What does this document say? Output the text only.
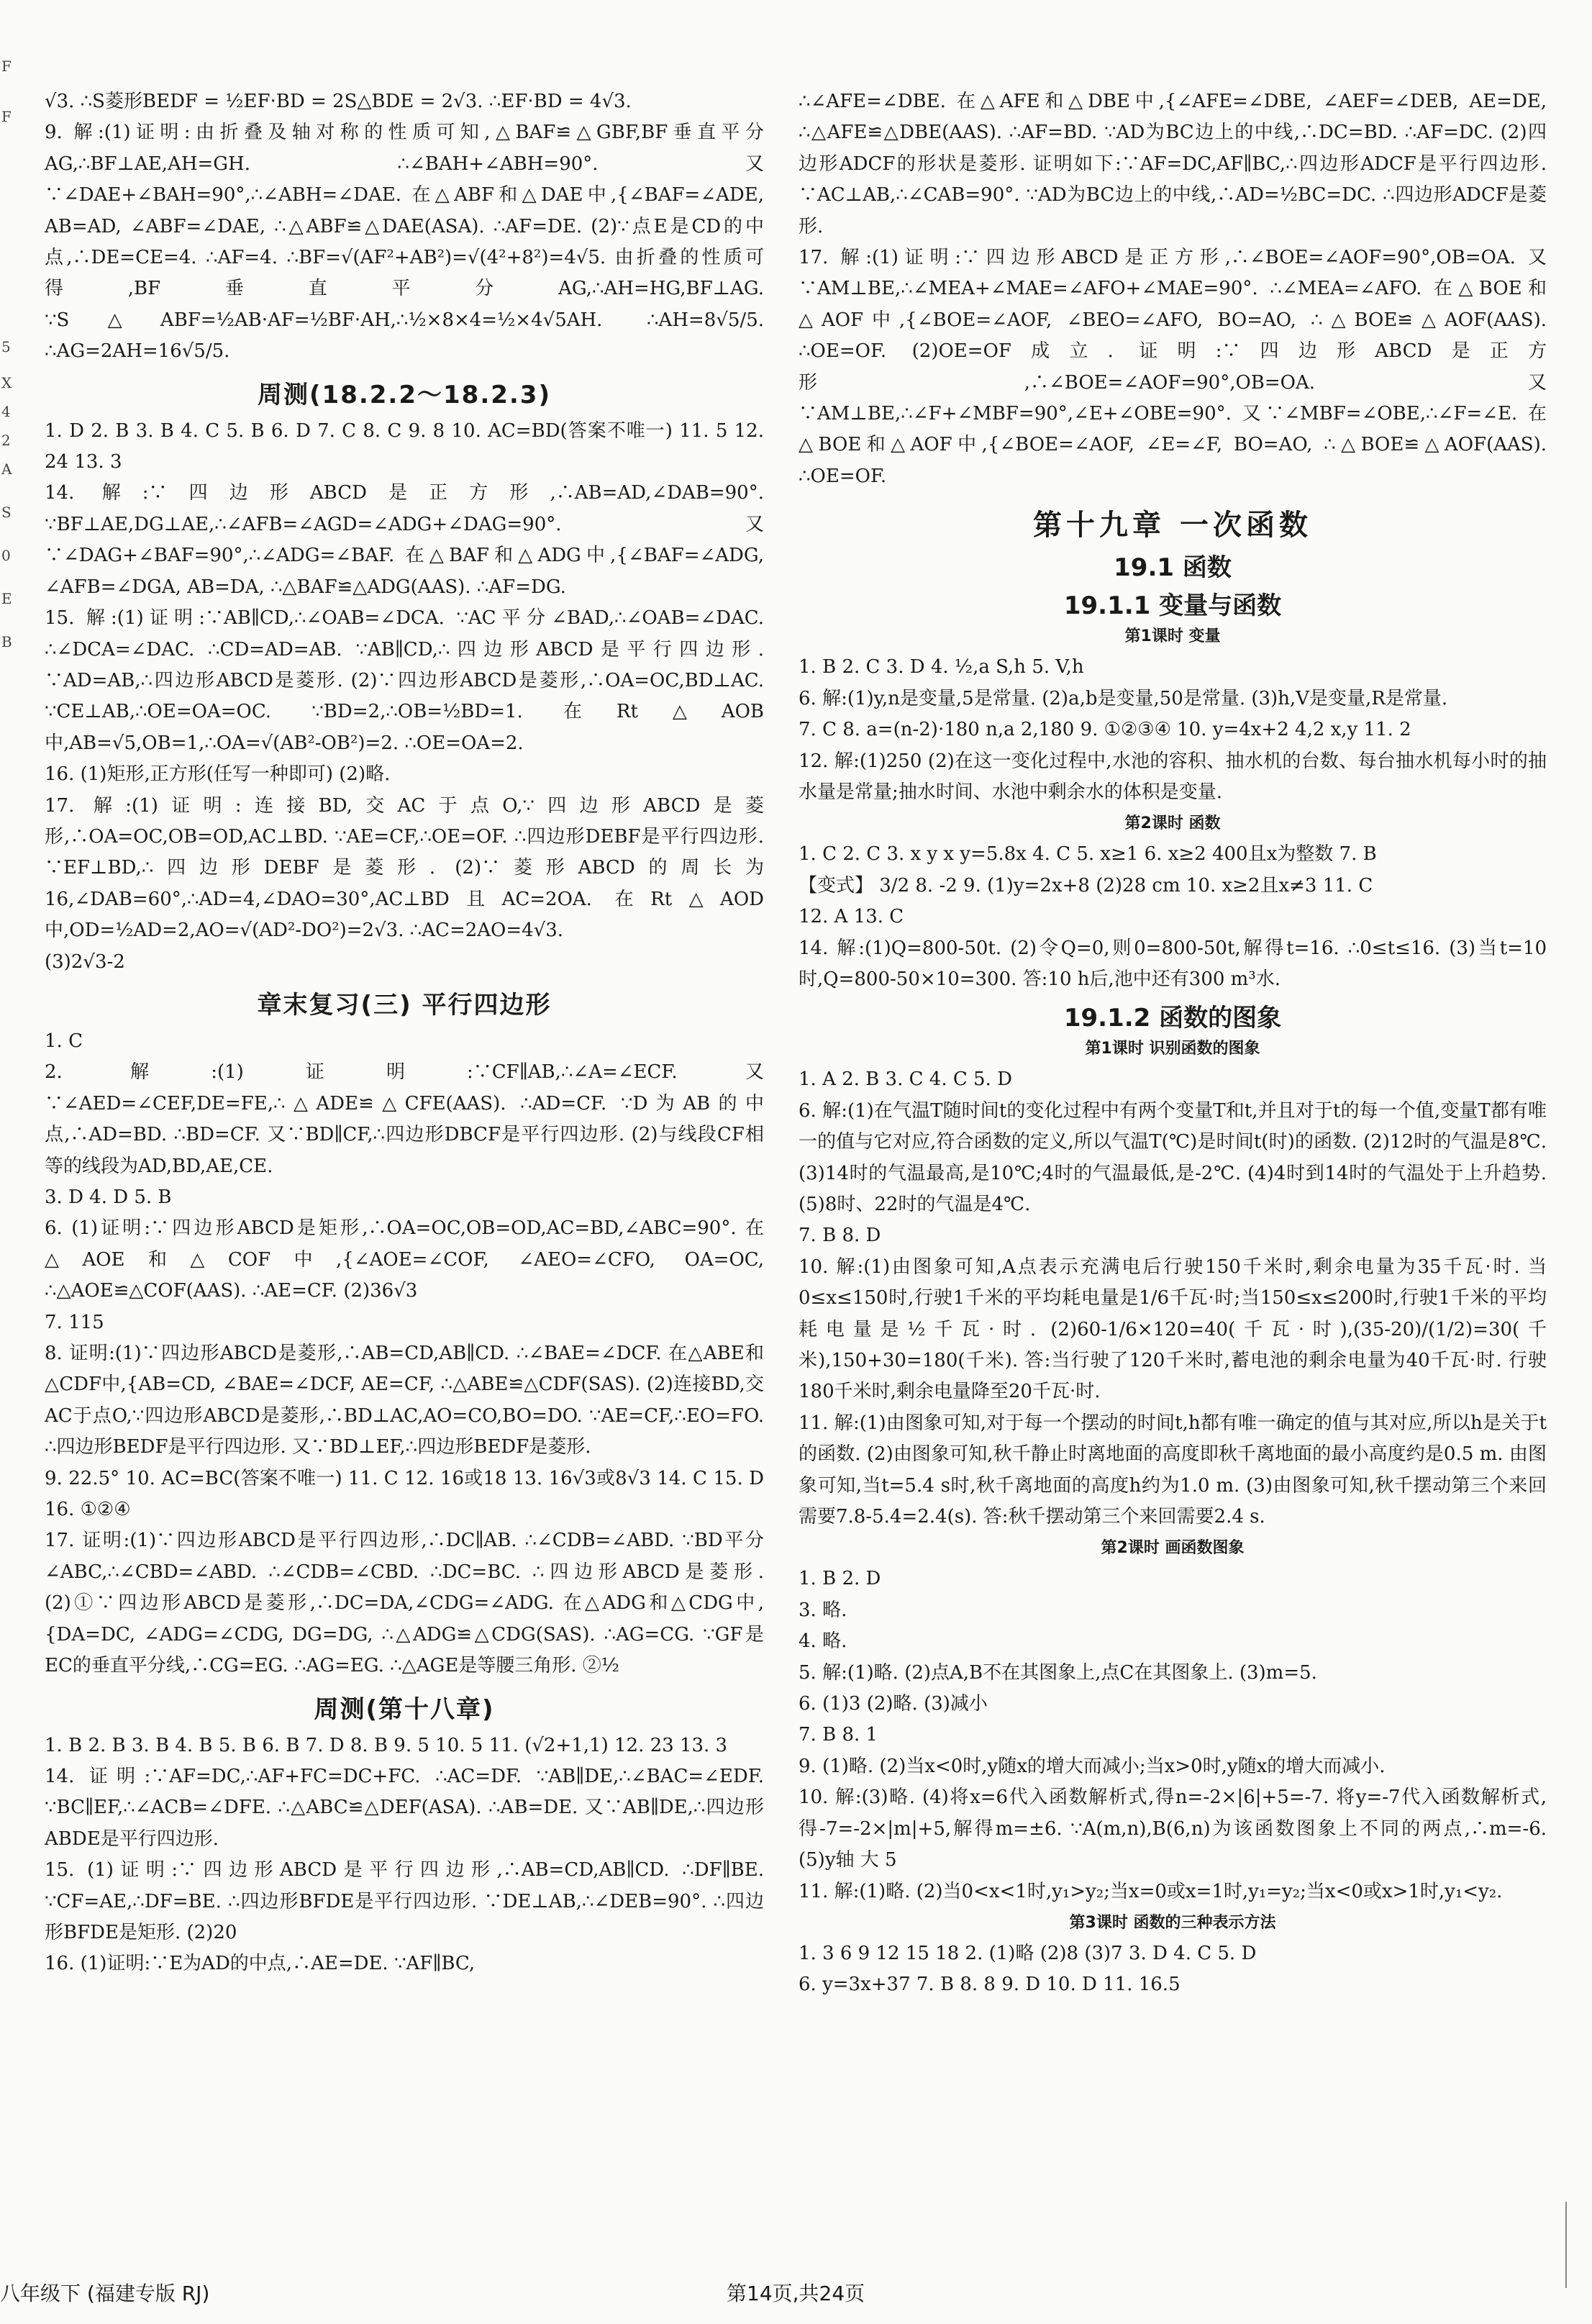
F
F
5
X
4
2
A
S
0
E
B
√3. ∴S菱形BEDF = ½EF·BD = 2S△BDE = 2√3. ∴EF·BD = 4√3.
9. 解:(1)证明:由折叠及轴对称的性质可知,△BAF≌△GBF,BF垂直平分AG,∴BF⊥AE,AH=GH. ∴∠BAH+∠ABH=90°. 又∵∠DAE+∠BAH=90°,∴∠ABH=∠DAE. 在△ABF和△DAE中,{∠BAF=∠ADE, AB=AD, ∠ABF=∠DAE, ∴△ABF≌△DAE(ASA). ∴AF=DE. (2)∵点E是CD的中点,∴DE=CE=4. ∴AF=4. ∴BF=√(AF²+AB²)=√(4²+8²)=4√5. 由折叠的性质可得,BF垂直平分AG,∴AH=HG,BF⊥AG. ∵S△ABF=½AB·AF=½BF·AH,∴½×8×4=½×4√5AH. ∴AH=8√5/5. ∴AG=2AH=16√5/5.
周测(18.2.2～18.2.3)
1. D 2. B 3. B 4. C 5. B 6. D 7. C 8. C 9. 8 10. AC=BD(答案不唯一) 11. 5 12. 24 13. 3
14. 解:∵四边形ABCD是正方形,∴AB=AD,∠DAB=90°. ∵BF⊥AE,DG⊥AE,∴∠AFB=∠AGD=∠ADG+∠DAG=90°. 又∵∠DAG+∠BAF=90°,∴∠ADG=∠BAF. 在△BAF和△ADG中,{∠BAF=∠ADG, ∠AFB=∠DGA, AB=DA, ∴△BAF≌△ADG(AAS). ∴AF=DG.
15. 解:(1)证明:∵AB∥CD,∴∠OAB=∠DCA. ∵AC平分∠BAD,∴∠OAB=∠DAC. ∴∠DCA=∠DAC. ∴CD=AD=AB. ∵AB∥CD,∴四边形ABCD是平行四边形. ∵AD=AB,∴四边形ABCD是菱形. (2)∵四边形ABCD是菱形,∴OA=OC,BD⊥AC. ∵CE⊥AB,∴OE=OA=OC. ∵BD=2,∴OB=½BD=1. 在Rt△AOB中,AB=√5,OB=1,∴OA=√(AB²-OB²)=2. ∴OE=OA=2.
16. (1)矩形,正方形(任写一种即可) (2)略.
17. 解:(1)证明:连接BD,交AC于点O,∵四边形ABCD是菱形,∴OA=OC,OB=OD,AC⊥BD. ∵AE=CF,∴OE=OF. ∴四边形DEBF是平行四边形. ∵EF⊥BD,∴四边形DEBF是菱形. (2)∵菱形ABCD的周长为16,∠DAB=60°,∴AD=4,∠DAO=30°,AC⊥BD且AC=2OA. 在Rt△AOD中,OD=½AD=2,AO=√(AD²-DO²)=2√3. ∴AC=2AO=4√3.
(3)2√3-2
章末复习(三) 平行四边形
1. C
2. 解:(1)证明:∵CF∥AB,∴∠A=∠ECF. 又∵∠AED=∠CEF,DE=FE,∴△ADE≌△CFE(AAS). ∴AD=CF. ∵D为AB的中点,∴AD=BD. ∴BD=CF. 又∵BD∥CF,∴四边形DBCF是平行四边形. (2)与线段CF相等的线段为AD,BD,AE,CE.
3. D 4. D 5. B
6. (1)证明:∵四边形ABCD是矩形,∴OA=OC,OB=OD,AC=BD,∠ABC=90°. 在△AOE和△COF中,{∠AOE=∠COF, ∠AEO=∠CFO, OA=OC, ∴△AOE≌△COF(AAS). ∴AE=CF. (2)36√3
7. 115
8. 证明:(1)∵四边形ABCD是菱形,∴AB=CD,AB∥CD. ∴∠BAE=∠DCF. 在△ABE和△CDF中,{AB=CD, ∠BAE=∠DCF, AE=CF, ∴△ABE≌△CDF(SAS). (2)连接BD,交AC于点O,∵四边形ABCD是菱形,∴BD⊥AC,AO=CO,BO=DO. ∵AE=CF,∴EO=FO. ∴四边形BEDF是平行四边形. 又∵BD⊥EF,∴四边形BEDF是菱形.
9. 22.5° 10. AC=BC(答案不唯一) 11. C 12. 16或18 13. 16√3或8√3 14. C 15. D 16. ①②④
17. 证明:(1)∵四边形ABCD是平行四边形,∴DC∥AB. ∴∠CDB=∠ABD. ∵BD平分∠ABC,∴∠CBD=∠ABD. ∴∠CDB=∠CBD. ∴DC=BC. ∴四边形ABCD是菱形. (2)①∵四边形ABCD是菱形,∴DC=DA,∠CDG=∠ADG. 在△ADG和△CDG中,{DA=DC, ∠ADG=∠CDG, DG=DG, ∴△ADG≌△CDG(SAS). ∴AG=CG. ∵GF是EC的垂直平分线,∴CG=EG. ∴AG=EG. ∴△AGE是等腰三角形. ②½
周测(第十八章)
1. B 2. B 3. B 4. B 5. B 6. B 7. D 8. B 9. 5 10. 5 11. (√2+1,1) 12. 23 13. 3
14. 证明:∵AF=DC,∴AF+FC=DC+FC. ∴AC=DF. ∵AB∥DE,∴∠BAC=∠EDF. ∵BC∥EF,∴∠ACB=∠DFE. ∴△ABC≌△DEF(ASA). ∴AB=DE. 又∵AB∥DE,∴四边形ABDE是平行四边形.
15. (1)证明:∵四边形ABCD是平行四边形,∴AB=CD,AB∥CD. ∴DF∥BE. ∵CF=AE,∴DF=BE. ∴四边形BFDE是平行四边形. ∵DE⊥AB,∴∠DEB=90°. ∴四边形BFDE是矩形. (2)20
16. (1)证明:∵E为AD的中点,∴AE=DE. ∵AF∥BC,
∴∠AFE=∠DBE. 在△AFE和△DBE中,{∠AFE=∠DBE, ∠AEF=∠DEB, AE=DE, ∴△AFE≌△DBE(AAS). ∴AF=BD. ∵AD为BC边上的中线,∴DC=BD. ∴AF=DC. (2)四边形ADCF的形状是菱形. 证明如下:∵AF=DC,AF∥BC,∴四边形ADCF是平行四边形. ∵AC⊥AB,∴∠CAB=90°. ∵AD为BC边上的中线,∴AD=½BC=DC. ∴四边形ADCF是菱形.
17. 解:(1)证明:∵四边形ABCD是正方形,∴∠BOE=∠AOF=90°,OB=OA. 又∵AM⊥BE,∴∠MEA+∠MAE=∠AFO+∠MAE=90°. ∴∠MEA=∠AFO. 在△BOE和△AOF中,{∠BOE=∠AOF, ∠BEO=∠AFO, BO=AO, ∴△BOE≌△AOF(AAS). ∴OE=OF. (2)OE=OF成立. 证明:∵四边形ABCD是正方形,∴∠BOE=∠AOF=90°,OB=OA. 又∵AM⊥BE,∴∠F+∠MBF=90°,∠E+∠OBE=90°. 又∵∠MBF=∠OBE,∴∠F=∠E. 在△BOE和△AOF中,{∠BOE=∠AOF, ∠E=∠F, BO=AO, ∴△BOE≌△AOF(AAS). ∴OE=OF.
第十九章 一次函数
19.1 函数
19.1.1 变量与函数
第1课时 变量
1. B 2. C 3. D 4. ½,a S,h 5. V,h
6. 解:(1)y,n是变量,5是常量. (2)a,b是变量,50是常量. (3)h,V是变量,R是常量.
7. C 8. a=(n-2)·180 n,a 2,180 9. ①②③④ 10. y=4x+2 4,2 x,y 11. 2
12. 解:(1)250 (2)在这一变化过程中,水池的容积、抽水机的台数、每台抽水机每小时的抽水量是常量;抽水时间、水池中剩余水的体积是变量.
第2课时 函数
1. C 2. C 3. x y x y=5.8x 4. C 5. x≥1 6. x≥2 400且x为整数 7. B
【变式】 3/2 8. -2 9. (1)y=2x+8 (2)28 cm 10. x≥2且x≠3 11. C
12. A 13. C
14. 解:(1)Q=800-50t. (2)令Q=0,则0=800-50t,解得t=16. ∴0≤t≤16. (3)当t=10时,Q=800-50×10=300. 答:10 h后,池中还有300 m³水.
19.1.2 函数的图象
第1课时 识别函数的图象
1. A 2. B 3. C 4. C 5. D
6. 解:(1)在气温T随时间t的变化过程中有两个变量T和t,并且对于t的每一个值,变量T都有唯一的值与它对应,符合函数的定义,所以气温T(℃)是时间t(时)的函数. (2)12时的气温是8℃. (3)14时的气温最高,是10℃;4时的气温最低,是-2℃. (4)4时到14时的气温处于上升趋势. (5)8时、22时的气温是4℃.
7. B 8. D
10. 解:(1)由图象可知,A点表示充满电后行驶150千米时,剩余电量为35千瓦·时. 当0≤x≤150时,行驶1千米的平均耗电量是1/6千瓦·时;当150≤x≤200时,行驶1千米的平均耗电量是½千瓦·时. (2)60-1/6×120=40(千瓦·时),(35-20)/(1/2)=30(千米),150+30=180(千米). 答:当行驶了120千米时,蓄电池的剩余电量为40千瓦·时. 行驶180千米时,剩余电量降至20千瓦·时.
11. 解:(1)由图象可知,对于每一个摆动的时间t,h都有唯一确定的值与其对应,所以h是关于t的函数. (2)由图象可知,秋千静止时离地面的高度即秋千离地面的最小高度约是0.5 m. 由图象可知,当t=5.4 s时,秋千离地面的高度h约为1.0 m. (3)由图象可知,秋千摆动第三个来回需要7.8-5.4=2.4(s). 答:秋千摆动第三个来回需要2.4 s.
第2课时 画函数图象
1. B 2. D
3. 略.
4. 略.
5. 解:(1)略. (2)点A,B不在其图象上,点C在其图象上. (3)m=5.
6. (1)3 (2)略. (3)减小
7. B 8. 1
9. (1)略. (2)当x<0时,y随x的增大而减小;当x>0时,y随x的增大而减小.
10. 解:(3)略. (4)将x=6代入函数解析式,得n=-2×|6|+5=-7. 将y=-7代入函数解析式,得-7=-2×|m|+5,解得m=±6. ∵A(m,n),B(6,n)为该函数图象上不同的两点,∴m=-6. (5)y轴 大 5
11. 解:(1)略. (2)当0<x<1时,y₁>y₂;当x=0或x=1时,y₁=y₂;当x<0或x>1时,y₁<y₂.
第3课时 函数的三种表示方法
1. 3 6 9 12 15 18 2. (1)略 (2)8 (3)7 3. D 4. C 5. D
6. y=3x+37 7. B 8. 8 9. D 10. D 11. 16.5
八年级下 (福建专版 RJ)	第14页,共24页
